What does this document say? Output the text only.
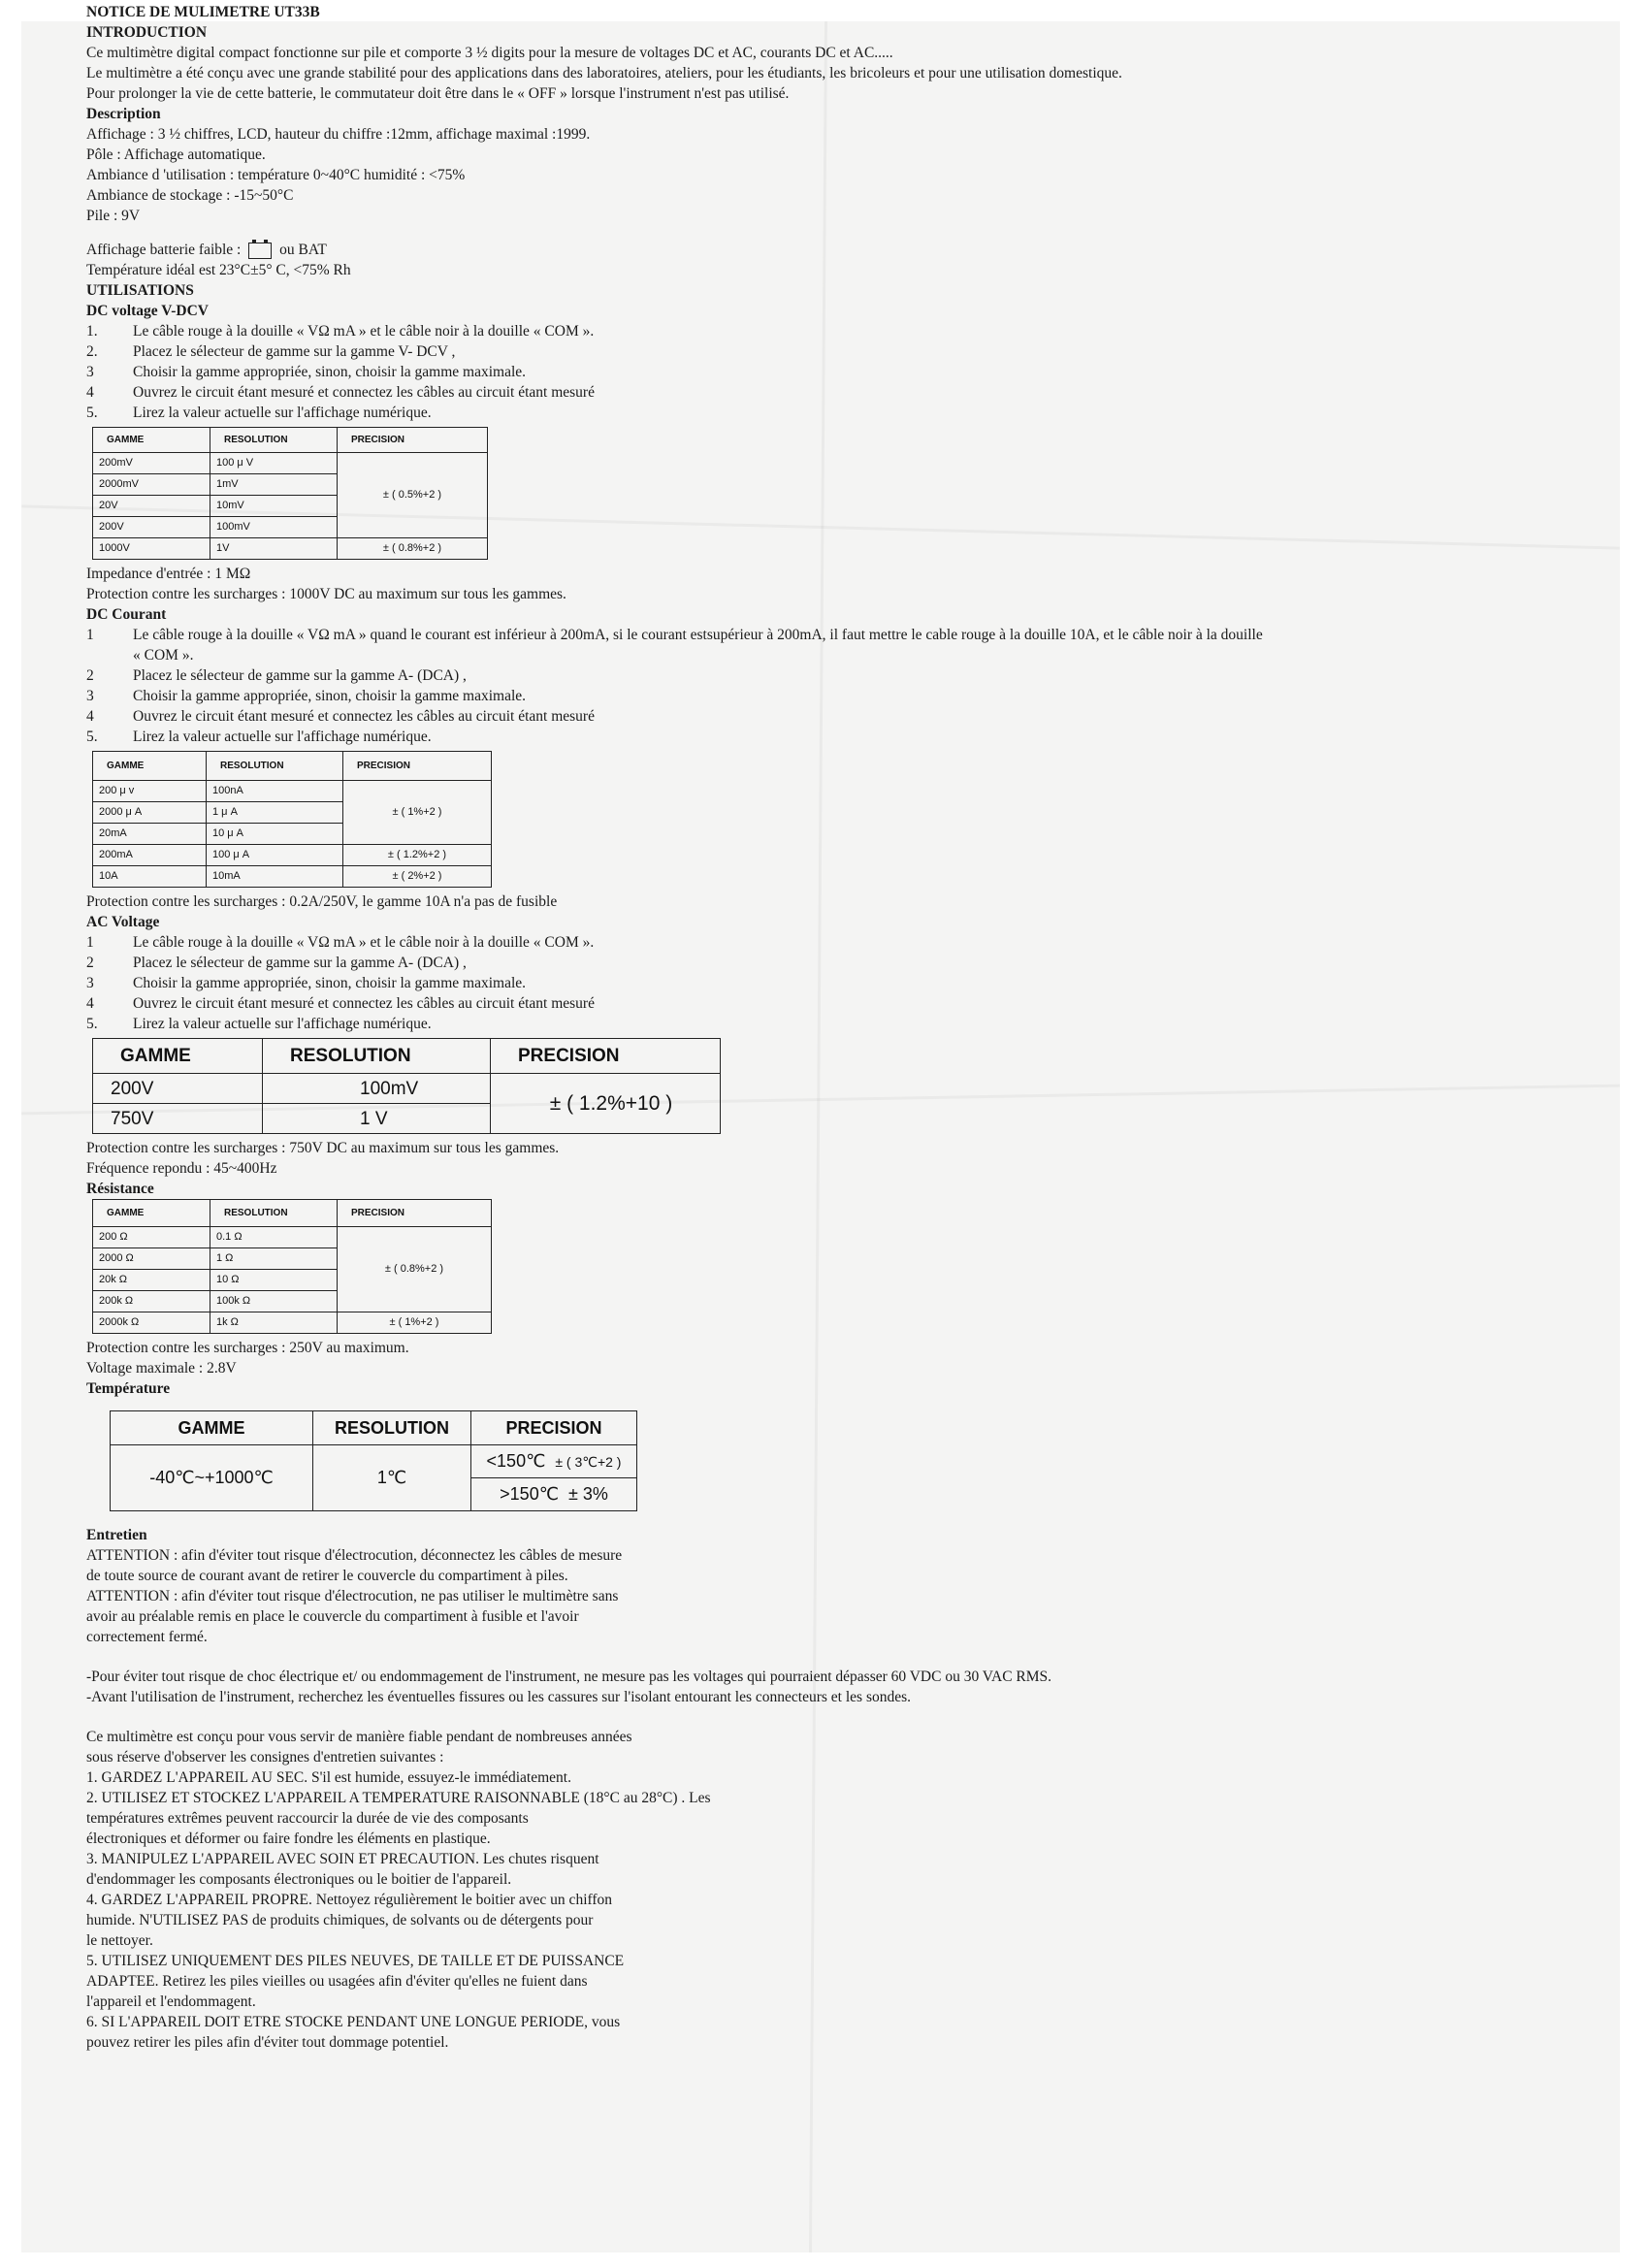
NOTICE DE MULIMETRE UT33B
INTRODUCTION
Ce multimètre digital compact fonctionne sur pile et comporte 3 ½ digits pour la mesure de voltages DC et AC, courants DC et AC.....
Le multimètre a été conçu avec une grande stabilité pour des applications dans des laboratoires, ateliers, pour les étudiants, les bricoleurs et pour une utilisation domestique.
Pour prolonger la vie de cette batterie, le commutateur doit être dans le « OFF » lorsque l'instrument n'est pas utilisé.
Description
Affichage : 3 ½ chiffres, LCD, hauteur du chiffre :12mm, affichage maximal :1999.
Pôle : Affichage automatique.
Ambiance d 'utilisation : température 0~40°C humidité : <75%
Ambiance de stockage : -15~50°C
Pile : 9V
Affichage batterie faible :	ou BAT
Température idéal est 23°C±5° C, <75% Rh
UTILISATIONS
DC voltage V-DCV
1. Le câble rouge à la douille « VΩ mA » et le câble noir à la douille « COM ».
2. Placez le sélecteur de gamme sur la gamme V- DCV ,
3	Choisir la gamme appropriée, sinon, choisir la gamme maximale.
4	Ouvrez le circuit étant mesuré et connectez les câbles au circuit étant mesuré
5. Lirez la valeur actuelle sur l'affichage numérique.
GAMME	RESOLUTION	PRECISION
200mV	100 μ V	± ( 0.5%+2 )
2000mV	1mV	
20V	10mV	
200V	100mV	
1000V	1V	± ( 0.8%+2 )
Impedance d'entrée : 1 MΩ
Protection contre les surcharges : 1000V DC au maximum sur tous les gammes.
DC Courant
1	Le câble rouge à la douille « VΩ mA » quand le courant est inférieur à 200mA, si le courant estsupérieur à 200mA, il faut mettre le cable rouge à la douille 10A, et le câble noir à la douille
« COM ».
2	Placez le sélecteur de gamme sur la gamme A- (DCA) ,
3	Choisir la gamme appropriée, sinon, choisir la gamme maximale.
4	Ouvrez le circuit étant mesuré et connectez les câbles au circuit étant mesuré
5. Lirez la valeur actuelle sur l'affichage numérique.
GAMME	RESOLUTION	PRECISION
200 μ v	100nA	± ( 1%+2 )
2000 μ A	1 μ A	
20mA	10 μ A	
200mA	100 μ A	± ( 1.2%+2 )
10A	10mA	± ( 2%+2 )
Protection contre les surcharges : 0.2A/250V, le gamme 10A n'a pas de fusible
AC Voltage
1	Le câble rouge à la douille « VΩ mA » et le câble noir à la douille « COM ».
2	Placez le sélecteur de gamme sur la gamme A- (DCA) ,
3	Choisir la gamme appropriée, sinon, choisir la gamme maximale.
4	Ouvrez le circuit étant mesuré et connectez les câbles au circuit étant mesuré
5. Lirez la valeur actuelle sur l'affichage numérique.
GAMME	RESOLUTION	PRECISION
200V	100mV	± ( 1.2%+10 )
750V	1 V	
Protection contre les surcharges : 750V DC au maximum sur tous les gammes.
Fréquence repondu : 45~400Hz
Résistance
GAMME	RESOLUTION	PRECISION
200 Ω	0.1 Ω	± ( 0.8%+2 )
2000 Ω	1 Ω	
20k Ω	10 Ω	
200k Ω	100k Ω	
2000k Ω	1k Ω	± ( 1%+2 )
Protection contre les surcharges : 250V au maximum.
Voltage maximale : 2.8V
Température
GAMME	RESOLUTION	PRECISION
-40℃~+1000℃	1℃	<150℃ ± ( 3℃+2 )
		>150℃ ± 3%
Entretien
ATTENTION : afin d'éviter tout risque d'électrocution, déconnectez les câbles de mesure
de toute source de courant avant de retirer le couvercle du compartiment à piles.
ATTENTION : afin d'éviter tout risque d'électrocution, ne pas utiliser le multimètre sans
avoir au préalable remis en place le couvercle du compartiment à fusible et l'avoir
correctement fermé.
-Pour éviter tout risque de choc électrique et/ ou endommagement de l'instrument, ne mesure pas les voltages qui pourraient dépasser 60 VDC ou 30 VAC RMS.
-Avant l'utilisation de l'instrument, recherchez les éventuelles fissures ou les cassures sur l'isolant entourant les connecteurs et les sondes.
Ce multimètre est conçu pour vous servir de manière fiable pendant de nombreuses années
sous réserve d'observer les consignes d'entretien suivantes :
1. GARDEZ L'APPAREIL AU SEC. S'il est humide, essuyez-le immédiatement.
2. UTILISEZ ET STOCKEZ L'APPAREIL A TEMPERATURE RAISONNABLE (18°C au 28°C) . Les
températures extrêmes peuvent raccourcir la durée de vie des composants
électroniques et déformer ou faire fondre les éléments en plastique.
3. MANIPULEZ L'APPAREIL AVEC SOIN ET PRECAUTION. Les chutes risquent
d'endommager les composants électroniques ou le boitier de l'appareil.
4. GARDEZ L'APPAREIL PROPRE. Nettoyez régulièrement le boitier avec un chiffon
humide. N'UTILISEZ PAS de produits chimiques, de solvants ou de détergents pour
le nettoyer.
5. UTILISEZ UNIQUEMENT DES PILES NEUVES, DE TAILLE ET DE PUISSANCE
ADAPTEE. Retirez les piles vieilles ou usagées afin d'éviter qu'elles ne fuient dans
l'appareil et l'endommagent.
6. SI L'APPAREIL DOIT ETRE STOCKE PENDANT UNE LONGUE PERIODE, vous
pouvez retirer les piles afin d'éviter tout dommage potentiel.
